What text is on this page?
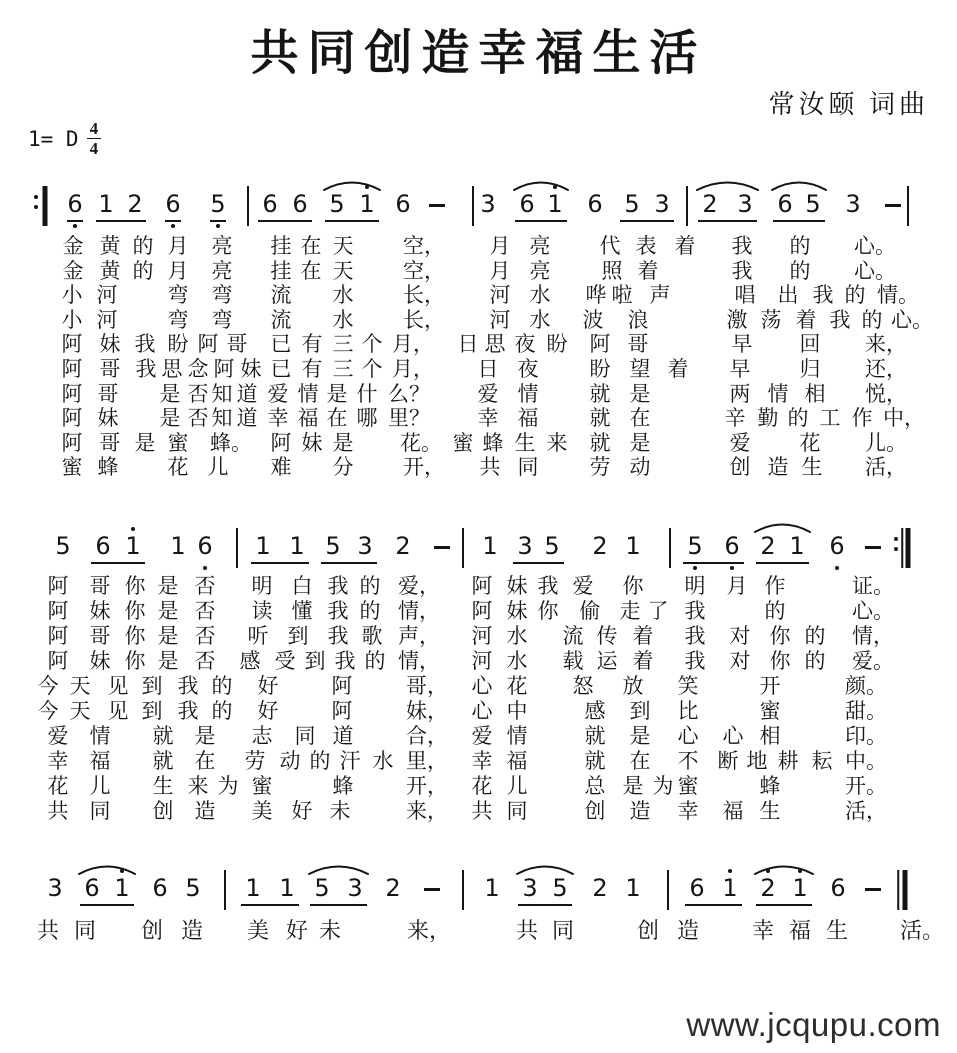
共同创造幸福生活
常汝颐 词曲
1= D $\frac{4}{4}$
6 1 2 6 5 6 6 5 1 6	3 6 1 6 5 3 2 3 6 5 3
5 6 1 1 6 1 1 5 3 2	1 3 5 2 1 5 6 2 1 6
3 6 1 6 5 1 1 5 3 2	1 3 5 2 1 6 1 2 1 6
金 黄 的 月 亮 挂 在 天 空， 月 亮 代 表 着 我 的 心。
金 黄 的 月 亮 挂 在 天 空， 月 亮 照 着	我 的 心。
小 河 弯 弯 流 水 长， 河 水 哗 啦 声	唱 出 我 的 情。
小 河 弯 弯 流 水 长， 河 水 波 浪	激 荡 着 我 的 心。
阿 妹 我 盼 阿 哥 已 有 三 个 月， 日 思 夜 盼 阿 哥	早 回 来，
阿 哥 我 思 念 阿 妹 已 有 三 个 月， 日 夜 盼 望 着 早 归 还，
阿 哥 是 否 知 道 爱 情 是 什 么？ 爱 情 就 是	两 情 相 悦，
阿 妹 是 否 知 道 幸 福 在 哪 里？ 幸 福 就 在	辛 勤 的 工 作 中，
阿 哥 是 蜜 蜂。 阿 妹 是 花。 蜜 蜂 生 来 就 是	爱 花 儿。
蜜 蜂 花 儿 难 分 开， 共 同 劳 动	创 造 生 活，
阿 哥 你 是 否 明 白 我 的 爱， 阿 妹 我 爱 你 明 月 作	证。
阿 妹 你 是 否 读 懂 我 的 情， 阿 妹 你 偷 走 了 我	的	心。
阿 哥 你 是 否 听 到 我 歌 声， 河 水 流 传 着 我 对 你 的 情，
阿 妹 你 是 否 感 受 到 我 的 情， 河 水 载 运 着 我 对 你 的 爱。
今 天 见 到 我 的 好	阿	哥， 心 花 怒 放 笑	开	颜。
今 天 见 到 我 的 好	阿	妹， 心 中	感 到 比	蜜	甜。
爱 情 就 是 志 同 道	合， 爱 情	就 是 心 心 相	印。
幸 福 就 在 劳 动 的 汗 水 里， 幸 福	就 在 不 断 地 耕 耘 中。
花 儿 生 来 为 蜜	蜂	开， 花 儿	总 是 为 蜜	蜂	开。
共 同 创 造 美 好 未	来， 共 同	创 造 幸 福 生	活，
共 同 创 造 美 好 未	来，	共 同	创 造 幸 福 生 活。
www.jcqupu.com
